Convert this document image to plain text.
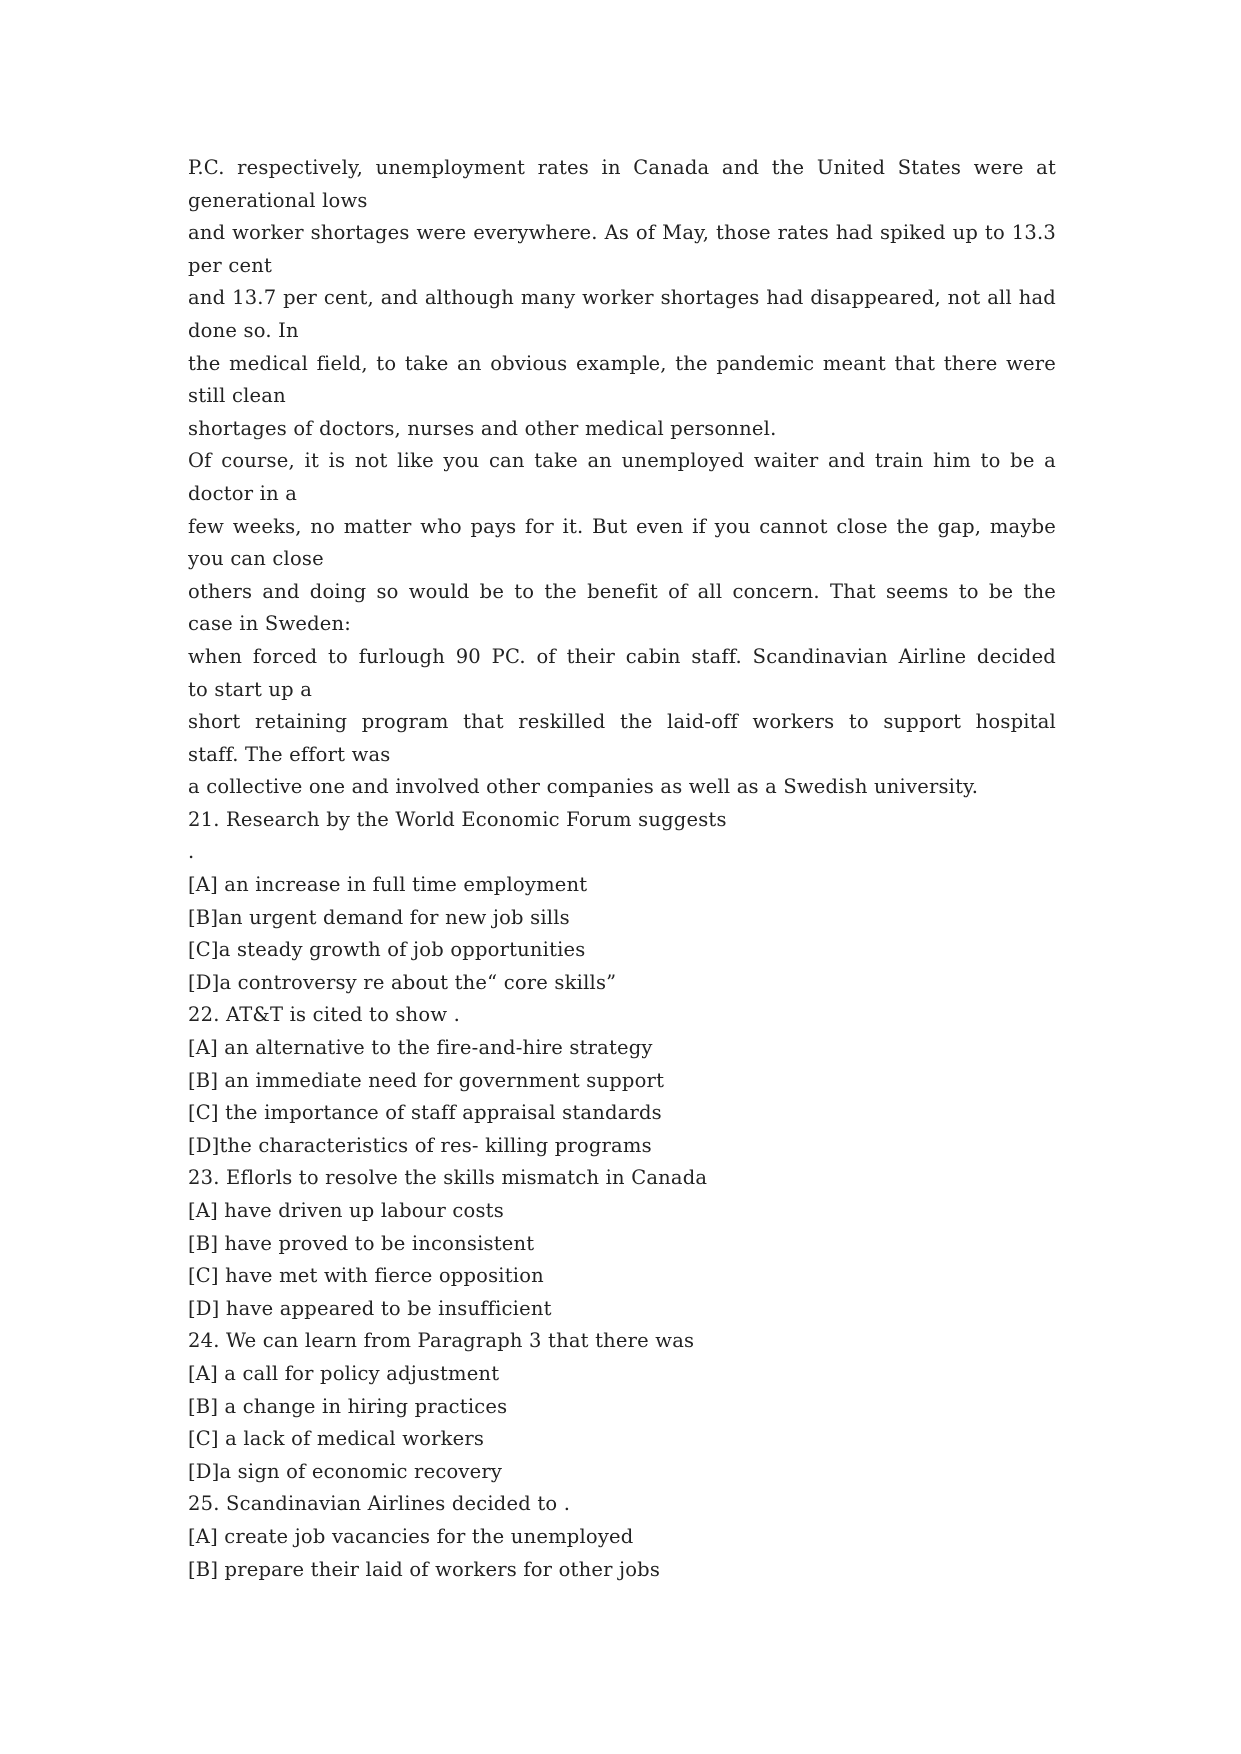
P.C. respectively, unemployment rates in Canada and the United States were at
generational lows
and worker shortages were everywhere. As of May, those rates had spiked up to 13.3
per cent
and 13.7 per cent, and although many worker shortages had disappeared, not all had
done so. In
the medical field, to take an obvious example, the pandemic meant that there were
still clean
shortages of doctors, nurses and other medical personnel.
Of course, it is not like you can take an unemployed waiter and train him to be a
doctor in a
few weeks, no matter who pays for it. But even if you cannot close the gap, maybe
you can close
others and doing so would be to the benefit of all concern. That seems to be the
case in Sweden:
when forced to furlough 90 PC. of their cabin staff. Scandinavian Airline decided
to start up a
short retaining program that reskilled the laid-off workers to support hospital
staff. The effort was
a collective one and involved other companies as well as a Swedish university.
21. Research by the World Economic Forum suggests
.
[A] an increase in full time employment
[B]an urgent demand for new job sills
[C]a steady growth of job opportunities
[D]a controversy re about the“ core skills”
22. AT&T is cited to show .
[A] an alternative to the fire-and-hire strategy
[B] an immediate need for government support
[C] the importance of staff appraisal standards
[D]the characteristics of res- killing programs
23. Eflorls to resolve the skills mismatch in Canada
[A] have driven up labour costs
[B] have proved to be inconsistent
[C] have met with fierce opposition
[D] have appeared to be insufficient
24. We can learn from Paragraph 3 that there was
[A] a call for policy adjustment
[B] a change in hiring practices
[C] a lack of medical workers
[D]a sign of economic recovery
25. Scandinavian Airlines decided to .
[A] create job vacancies for the unemployed
[B] prepare their laid of workers for other jobs
